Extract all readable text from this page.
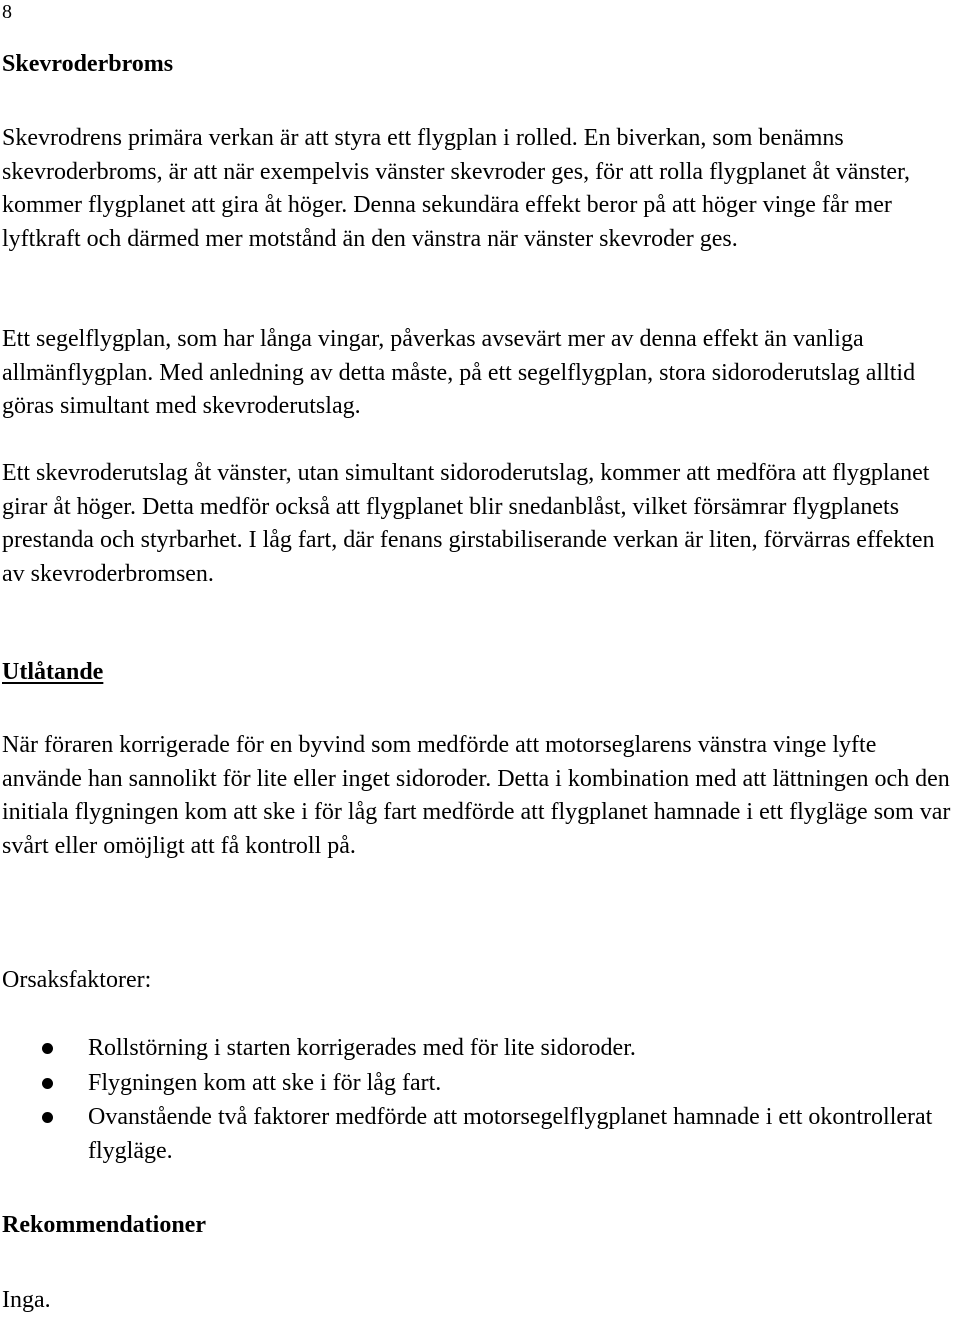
8
Skevroderbroms

Skevrodrens primära verkan är att styra ett flygplan i rolled. En biverkan, som benämns skevroderbroms, är att när exempelvis vänster skevroder ges, för att rolla flygplanet åt vänster, kommer flygplanet att gira åt höger. Denna sekundära effekt beror på att höger vinge får mer lyftkraft och därmed mer motstånd än den vänstra när vänster skevroder ges.

Ett segelflygplan, som har långa vingar, påverkas avsevärt mer av denna effekt än vanliga allmänflygplan. Med anledning av detta måste, på ett segelflygplan, stora sidoroderutslag alltid göras simultant med skevroderutslag.

Ett skevroderutslag åt vänster, utan simultant sidoroderutslag, kommer att medföra att flygplanet girar åt höger. Detta medför också att flygplanet blir snedanblåst, vilket försämrar flygplanets prestanda och styrbarhet. I låg fart, där fenans girstabiliserande verkan är liten, förvärras effekten av skevroderbromsen.

Utlåtande

När föraren korrigerade för en byvind som medförde att motorseglarens vänstra vinge lyfte använde han sannolikt för lite eller inget sidoroder. Detta i kombination med att lättningen och den initiala flygningen kom att ske i för låg fart medförde att flygplanet hamnade i ett flygläge som var svårt eller omöjligt att få kontroll på.

Orsaksfaktorer:
Rollstörning i starten korrigerades med för lite sidoroder.
Flygningen kom att ske i för låg fart.
Ovanstående två faktorer medförde att motorsegelflygplanet hamnade i ett okontrollerat flygläge.
Rekommendationer

Inga.
